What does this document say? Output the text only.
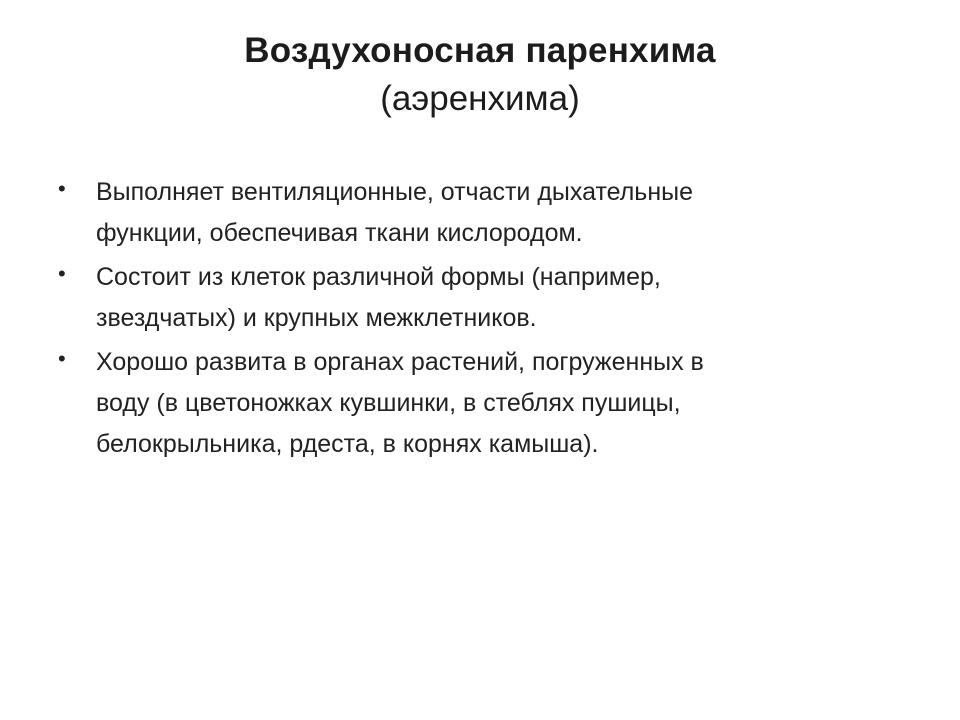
Воздухоносная паренхима
(аэренхима)
• Выполняет вентиляционные, отчасти дыхательные
функции, обеспечивая ткани кислородом.
• Состоит из клеток различной формы (например,
звездчатых) и крупных межклетников.
• Хорошо развита в органах растений, погруженных в
воду (в цветоножках кувшинки, в стеблях пушицы,
белокрыльника, рдеста, в корнях камыша).
